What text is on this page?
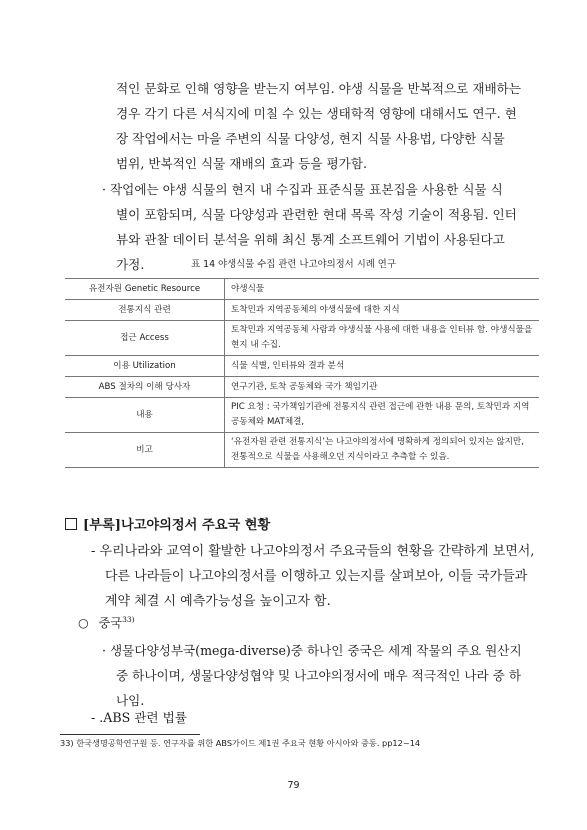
적인 문화로 인해 영향을 받는지 여부임. 야생 식물을 반복적으로 재배하는
경우 각기 다른 서식지에 미칠 수 있는 생태학적 영향에 대해서도 연구. 현
장 작업에서는 마을 주변의 식물 다양성, 현지 식물 사용법, 다양한 식물
범위, 반복적인 식물 재배의 효과 등을 평가함.
· 작업에는 야생 식물의 현지 내 수집과 표준식물 표본집을 사용한 식물 식
별이 포함되며, 식물 다양성과 관련한 현대 목록 작성 기술이 적용됨. 인터
뷰와 관찰 데이터 분석을 위해 최신 통계 소프트웨어 기법이 사용된다고
가정.	표 14 야생식물 수집 관련 나고야의정서 시례 연구
유전자원 Genetic Resource	야생식물
전통지식 관련	토착민과 지역공동체의 야생식물에 대한 지식
접근 Access	토착민과 지역공동체 사람과 야생식물 사용에 대한 내용을 인터뷰 함. 야생식물을 현지 내 수집.
이용 Utilization	식물 식별, 인터뷰와 결과 분석
ABS 절차의 이해 당사자	연구기관, 토착 공동체와 국가 책임기관
내용	PIC 요청 : 국가책임기관에 전통지식 관련 접근에 관한 내용 문의, 토착민과 지역공동체와 MAT체결,
비고	‘유전자원 관련 전통지식’는 나고야의정서에 명확하게 정의되어 있지는 않지만, 전통적으로 식물을 사용해오던 지식이라고 추측할 수 있음.
[부록]나고야의정서 주요국 현황
- 우리나라와 교역이 활발한 나고야의정서 주요국들의 현황을 간략하게 보면서,
다른 나라들이 나고야의정서를 이행하고 있는지를 살펴보아, 이들 국가들과
계약 체결 시 예측가능성을 높이고자 함.
○ 중국$^{33)}$
· 생물다양성부국(mega-diverse)중 하나인 중국은 세계 작물의 주요 원산지
중 하나이며, 생물다양성협약 및 나고야의정서에 매우 적극적인 나라 중 하
나임.
- .ABS 관련 법률
33) 한국생명공학연구원 등. 연구자를 위한 ABS가이드 제1권 주요국 현황 아시아와 중동. pp12~14
79
